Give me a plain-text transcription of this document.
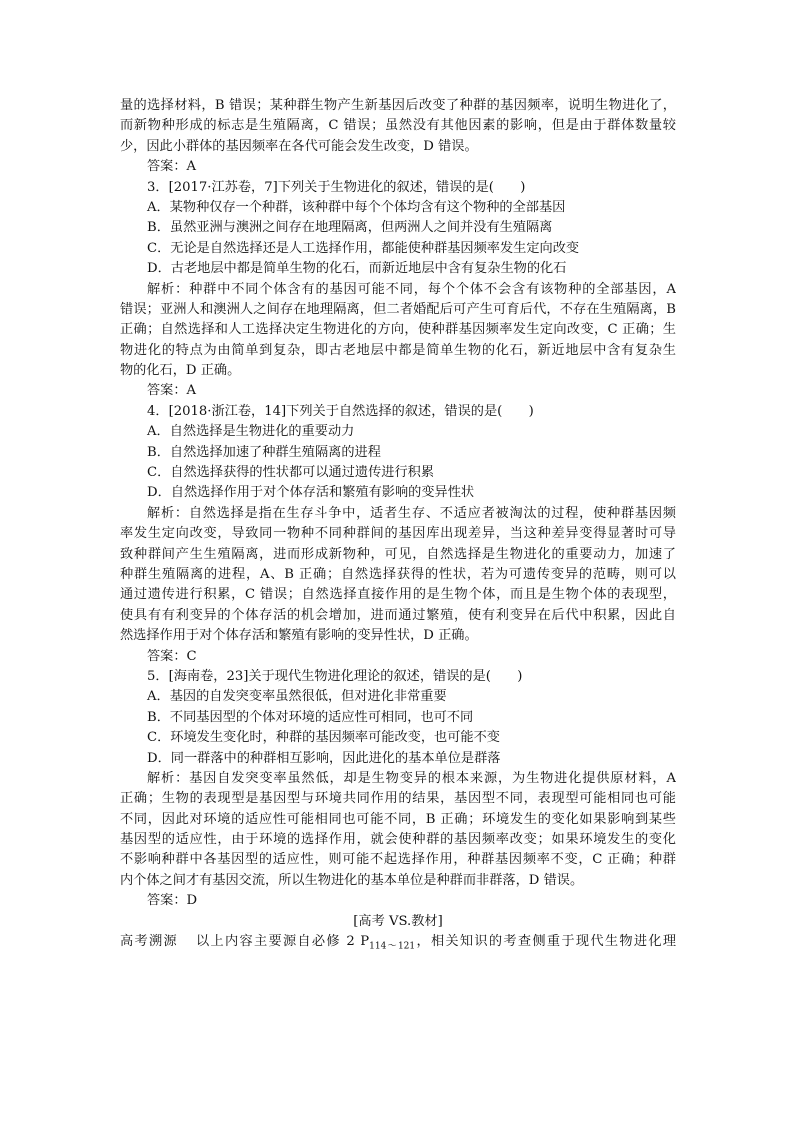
量的选择材料，B 错误；某种群生物产生新基因后改变了种群的基因频率，说明生物进化了，
而新物种形成的标志是生殖隔离，C 错误；虽然没有其他因素的影响，但是由于群体数量较
少，因此小群体的基因频率在各代可能会发生改变，D 错误。
答案：A
3．[2017·江苏卷，7]下列关于生物进化的叙述，错误的是(　　)
A．某物种仅存一个种群，该种群中每个个体均含有这个物种的全部基因
B．虽然亚洲与澳洲之间存在地理隔离，但两洲人之间并没有生殖隔离
C．无论是自然选择还是人工选择作用，都能使种群基因频率发生定向改变
D．古老地层中都是简单生物的化石，而新近地层中含有复杂生物的化石
解析：种群中不同个体含有的基因可能不同，每个个体不会含有该物种的全部基因，A
错误；亚洲人和澳洲人之间存在地理隔离，但二者婚配后可产生可育后代，不存在生殖隔离，B
正确；自然选择和人工选择决定生物进化的方向，使种群基因频率发生定向改变，C 正确；生
物进化的特点为由简单到复杂，即古老地层中都是简单生物的化石，新近地层中含有复杂生
物的化石，D 正确。
答案：A
4．[2018·浙江卷，14]下列关于自然选择的叙述，错误的是(　　)
A．自然选择是生物进化的重要动力
B．自然选择加速了种群生殖隔离的进程
C．自然选择获得的性状都可以通过遗传进行积累
D．自然选择作用于对个体存活和繁殖有影响的变异性状
解析：自然选择是指在生存斗争中，适者生存、不适应者被淘汰的过程，使种群基因频
率发生定向改变，导致同一物种不同种群间的基因库出现差异，当这种差异变得显著时可导
致种群间产生生殖隔离，进而形成新物种，可见，自然选择是生物进化的重要动力，加速了
种群生殖隔离的进程，A、B 正确；自然选择获得的性状，若为可遗传变异的范畴，则可以
通过遗传进行积累，C 错误；自然选择直接作用的是生物个体，而且是生物个体的表现型，
使具有有利变异的个体存活的机会增加，进而通过繁殖，使有利变异在后代中积累，因此自
然选择作用于对个体存活和繁殖有影响的变异性状，D 正确。
答案：C
5．[海南卷，23]关于现代生物进化理论的叙述，错误的是(　　)
A．基因的自发突变率虽然很低，但对进化非常重要
B．不同基因型的个体对环境的适应性可相同，也可不同
C．环境发生变化时，种群的基因频率可能改变，也可能不变
D．同一群落中的种群相互影响，因此进化的基本单位是群落
解析：基因自发突变率虽然低，却是生物变异的根本来源，为生物进化提供原材料，A
正确；生物的表现型是基因型与环境共同作用的结果，基因型不同，表现型可能相同也可能
不同，因此对环境的适应性可能相同也可能不同，B 正确；环境发生的变化如果影响到某些
基因型的适应性，由于环境的选择作用，就会使种群的基因频率改变；如果环境发生的变化
不影响种群中各基因型的适应性，则可能不起选择作用，种群基因频率不变，C 正确；种群
内个体之间才有基因交流，所以生物进化的基本单位是种群而非群落，D 错误。
答案：D
[高考 VS.教材]
高考溯源 以上内容主要源自必修 2 $P_{114\sim 121}$，相关知识的考查侧重于现代生物进化理
